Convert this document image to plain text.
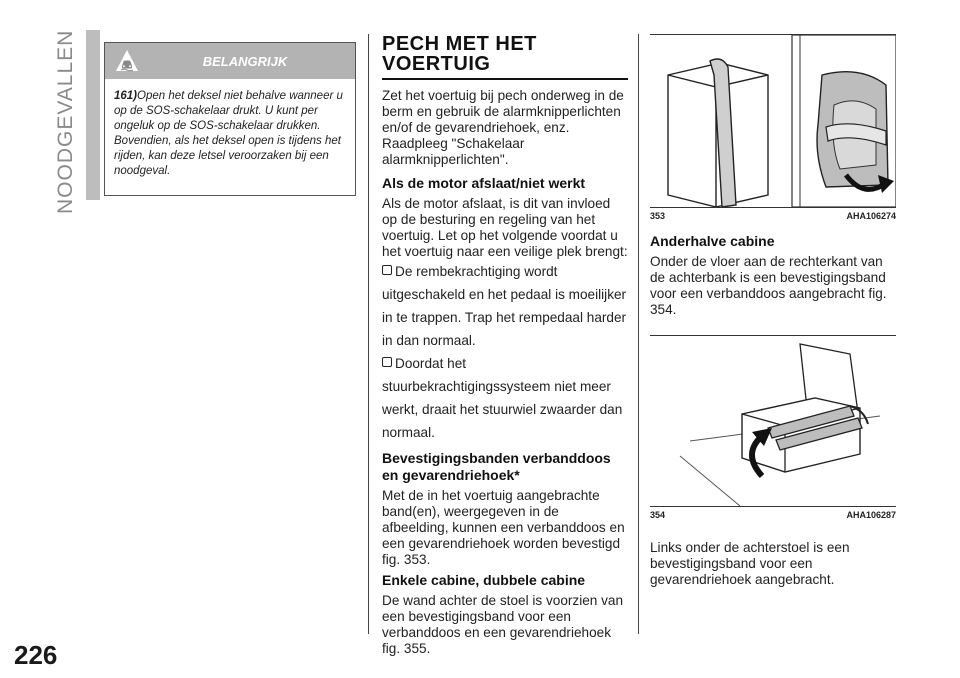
NOODGEVALLEN	BELANGRIJK
161)Open het deksel niet behalve wanneer u op de SOS-schakelaar drukt. U kunt per ongeluk op de SOS-schakelaar drukken. Bovendien, als het deksel open is tijdens het rijden, kan deze letsel veroorzaken bij een noodgeval.
PECH MET HET VOERTUIG

Zet het voertuig bij pech onderweg in de berm en gebruik de alarmknipperlichten en/of de gevarendriehoek, enz. Raadpleeg "Schakelaar alarmknipperlichten".

Als de motor afslaat/niet werkt

Als de motor afslaat, is dit van invloed op de besturing en regeling van het voertuig. Let op het volgende voordat u het voertuig naar een veilige plek brengt:

De rembekrachtiging wordt uitgeschakeld en het pedaal is moeilijker in te trappen. Trap het rempedaal harder in dan normaal.

Doordat het stuurbekrachtigingssysteem niet meer werkt, draait het stuurwiel zwaarder dan normaal.

Bevestigingsbanden verbanddoos en gevarendriehoek*

Met de in het voertuig aangebrachte band(en), weergegeven in de afbeelding, kunnen een verbanddoos en een gevarendriehoek worden bevestigd fig. 353.

Enkele cabine, dubbele cabine

De wand achter de stoel is voorzien van een bevestigingsband voor een verbanddoos en een gevarendriehoek fig. 355.

353	AHA106274

Anderhalve cabine

Onder de vloer aan de rechterkant van de achterbank is een bevestigingsband voor een verbanddoos aangebracht fig. 354.

354	AHA106287

Links onder de achterstoel is een bevestigingsband voor een gevarendriehoek aangebracht.

226
